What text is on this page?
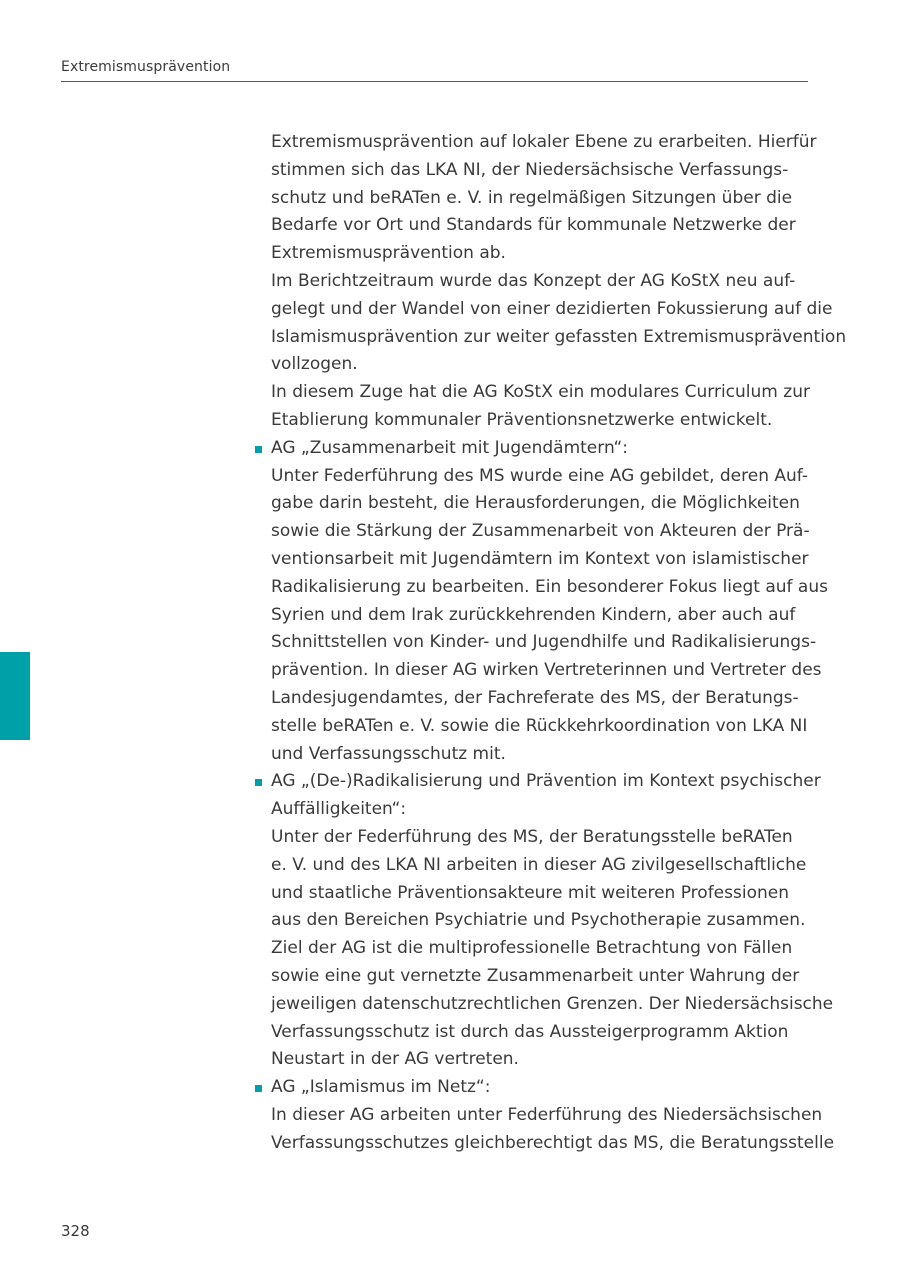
Extremismusprävention
Extremismusprävention auf lokaler Ebene zu erarbeiten. Hierfür
stimmen sich das LKA NI, der Niedersächsische Verfassungs-
schutz und beRATen e. V. in regelmäßigen Sitzungen über die
Bedarfe vor Ort und Standards für kommunale Netzwerke der
Extremismusprävention ab.
Im Berichtzeitraum wurde das Konzept der AG KoStX neu auf-
gelegt und der Wandel von einer dezidierten Fokussierung auf die
Islamismusprävention zur weiter gefassten Extremismusprävention
vollzogen.
In diesem Zuge hat die AG KoStX ein modulares Curriculum zur
Etablierung kommunaler Präventionsnetzwerke entwickelt.
AG „Zusammenarbeit mit Jugendämtern“:
Unter Federführung des MS wurde eine AG gebildet, deren Auf-
gabe darin besteht, die Herausforderungen, die Möglichkeiten
sowie die Stärkung der Zusammenarbeit von Akteuren der Prä-
ventionsarbeit mit Jugendämtern im Kontext von islamistischer
Radikalisierung zu bearbeiten. Ein besonderer Fokus liegt auf aus
Syrien und dem Irak zurückkehrenden Kindern, aber auch auf
Schnittstellen von Kinder- und Jugendhilfe und Radikalisierungs-
prävention. In dieser AG wirken Vertreterinnen und Vertreter des
Landesjugendamtes, der Fachreferate des MS, der Beratungs-
stelle beRATen e. V. sowie die Rückkehrkoordination von LKA NI
und Verfassungsschutz mit.
AG „(De-)Radikalisierung und Prävention im Kontext psychischer
Auffälligkeiten“:
Unter der Federführung des MS, der Beratungsstelle beRATen
e. V. und des LKA NI arbeiten in dieser AG zivilgesellschaftliche
und staatliche Präventionsakteure mit weiteren Professionen
aus den Bereichen Psychiatrie und Psychotherapie zusammen.
Ziel der AG ist die multiprofessionelle Betrachtung von Fällen
sowie eine gut vernetzte Zusammenarbeit unter Wahrung der
jeweiligen datenschutzrechtlichen Grenzen. Der Niedersächsische
Verfassungsschutz ist durch das Aussteigerprogramm Aktion
Neustart in der AG vertreten.
AG „Islamismus im Netz“:
In dieser AG arbeiten unter Federführung des Niedersächsischen
Verfassungsschutzes gleichberechtigt das MS, die Beratungsstelle
328
